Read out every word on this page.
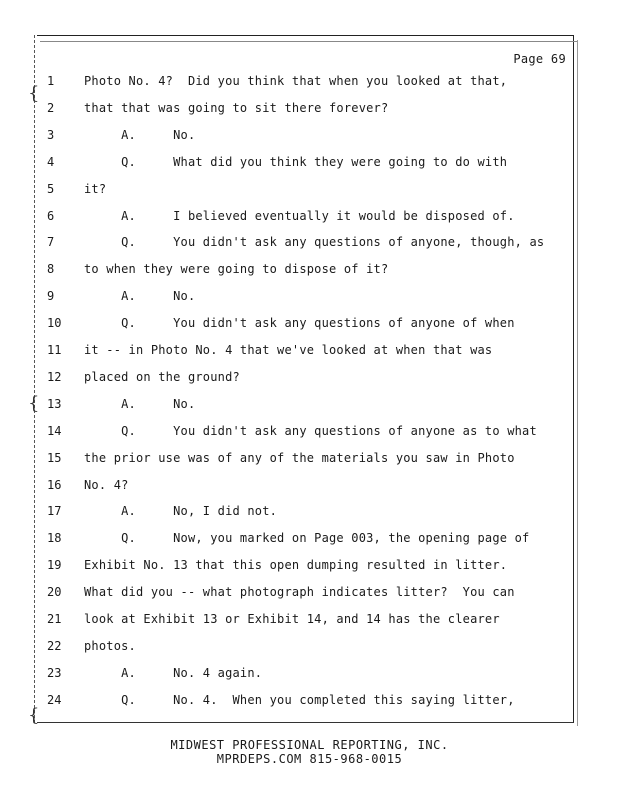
{
{
{
Page 69
1	Photo No. 4?  Did you think that when you looked at that,
2	that that was going to sit there forever?
3	A.     No.
4	Q.     What did you think they were going to do with
5	it?
6	A.     I believed eventually it would be disposed of.
7	Q.     You didn't ask any questions of anyone, though, as
8	to when they were going to dispose of it?
9	A.     No.
10	Q.     You didn't ask any questions of anyone of when
11	it -- in Photo No. 4 that we've looked at when that was
12	placed on the ground?
13	A.     No.
14	Q.     You didn't ask any questions of anyone as to what
15	the prior use was of any of the materials you saw in Photo
16	No. 4?
17	A.     No, I did not.
18	Q.     Now, you marked on Page 003, the opening page of
19	Exhibit No. 13 that this open dumping resulted in litter.
20	What did you -- what photograph indicates litter?  You can
21	look at Exhibit 13 or Exhibit 14, and 14 has the clearer
22	photos.
23	A.     No. 4 again.
24	Q.     No. 4.  When you completed this saying litter,
MIDWEST PROFESSIONAL REPORTING, INC.
MPRDEPS.COM 815-968-0015
